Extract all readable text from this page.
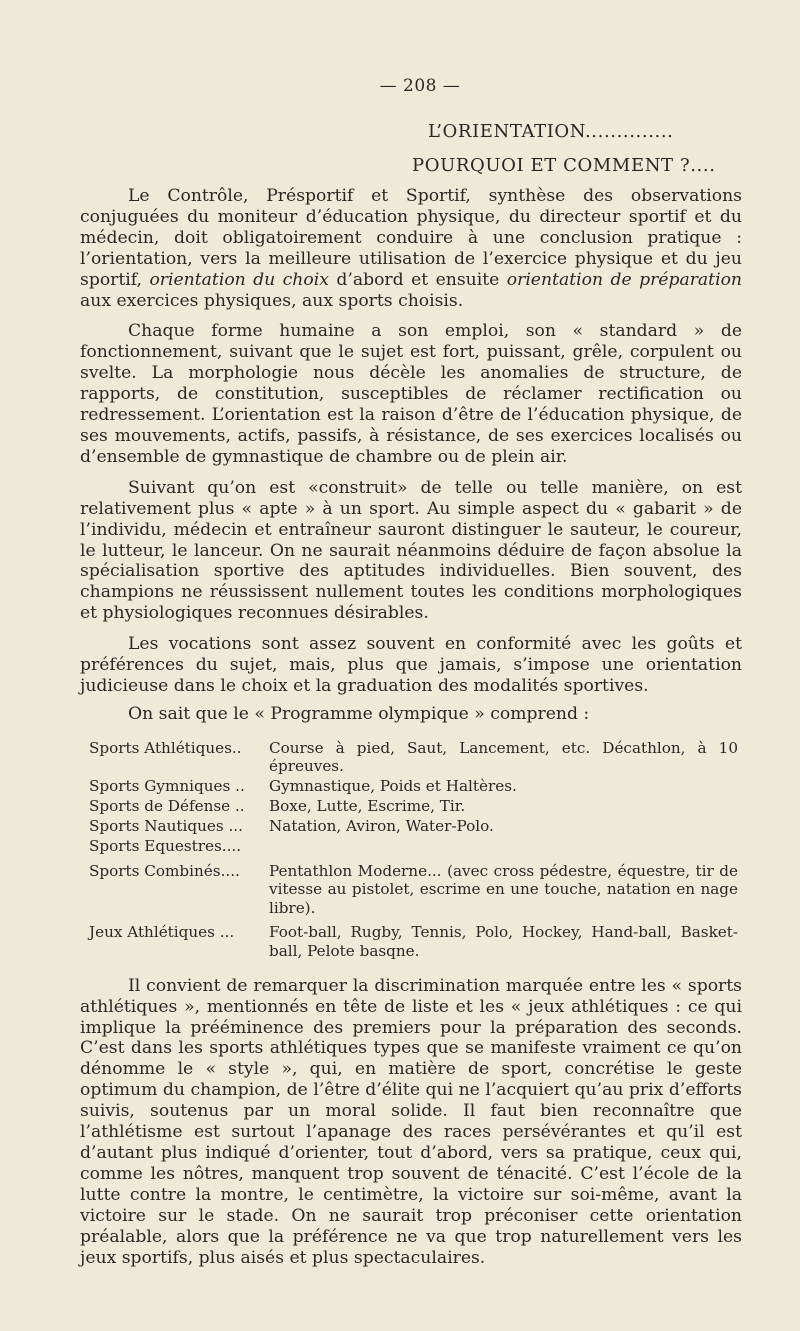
— 208 —
L’ORIENTATION..............
POURQUOI ET COMMENT ?....

Le Contrôle, Présportif et Sportif, synthèse des observations conjuguées du moniteur d’éducation physique, du directeur sportif et du médecin, doit obligatoirement conduire à une conclusion pratique : l’orientation, vers la meilleure utilisation de l’exercice physique et du jeu sportif, orientation du choix d’abord et ensuite orientation de préparation aux exercices physiques, aux sports choisis.

Chaque forme humaine a son emploi, son « standard » de fonctionnement, suivant que le sujet est fort, puissant, grêle, corpulent ou svelte. La morphologie nous décèle les anomalies de structure, de rapports, de constitution, susceptibles de réclamer rectification ou redressement. L’orientation est la raison d’être de l’éducation physique, de ses mouvements, actifs, passifs, à résistance, de ses exercices localisés ou d’ensemble de gymnastique de chambre ou de plein air.

Suivant qu’on est «construit» de telle ou telle manière, on est relativement plus « apte » à un sport. Au simple aspect du « gabarit » de l’individu, médecin et entraîneur sauront distinguer le sauteur, le coureur, le lutteur, le lanceur. On ne saurait néanmoins déduire de façon absolue la spécialisation sportive des aptitudes individuelles. Bien souvent, des champions ne réussissent nullement toutes les conditions morphologiques et physiologiques reconnues désirables.

Les vocations sont assez souvent en conformité avec les goûts et préférences du sujet, mais, plus que jamais, s’impose une orientation judicieuse dans le choix et la graduation des modalités sportives.

On sait que le « Programme olympique » comprend :

Sports Athlétiques..	Course à pied, Saut, Lancement, etc. Décathlon, à 10 épreuves.
Sports Gymniques ..	Gymnastique, Poids et Haltères.
Sports de Défense ..	Boxe, Lutte, Escrime, Tir.
Sports Nautiques ...	Natation, Aviron, Water-Polo.
Sports Equestres....
Sports Combinés....	Pentathlon Moderne... (avec cross pédestre, équestre, tir de vitesse au pistolet, escrime en une touche, natation en nage libre).
Jeux Athlétiques ...	Foot-ball, Rugby, Tennis, Polo, Hockey, Hand-ball, Basket-ball, Pelote basqne.

Il convient de remarquer la discrimination marquée entre les « sports athlétiques », mentionnés en tête de liste et les « jeux athlétiques : ce qui implique la prééminence des premiers pour la préparation des seconds. C’est dans les sports athlétiques types que se manifeste vraiment ce qu’on dénomme le « style », qui, en matière de sport, concrétise le geste optimum du champion, de l’être d’élite qui ne l’acquiert qu’au prix d’efforts suivis, soutenus par un moral solide. Il faut bien reconnaître que l’athlétisme est surtout l’apanage des races persévérantes et qu’il est d’autant plus indiqué d’orienter, tout d’abord, vers sa pratique, ceux qui, comme les nôtres, manquent trop souvent de ténacité. C’est l’école de la lutte contre la montre, le centimètre, la victoire sur soi-même, avant la victoire sur le stade. On ne saurait trop préconiser cette orientation préalable, alors que la préférence ne va que trop naturellement vers les jeux sportifs, plus aisés et plus spectaculaires.
